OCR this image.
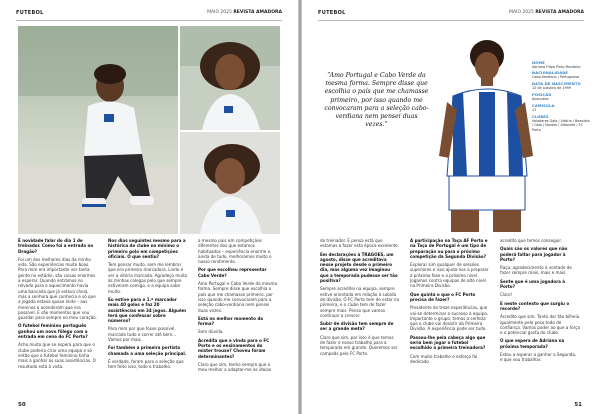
FUTEBOL	MAIO 2025 REVISTA AMADORA

É novidade falar do dia 1 de treinador. Como foi a entrada no Dragão?

Foi um dos melhores dias da minha vida. São experiências muito boas. Para mim era importante ver tanta gente no estádio, são coisas enormes a esperar. Quando entrámos no relvado para o aquecimento havia uma bancada que já estava cheia, mas a senhora que conhecia e só que a jogada estava quase lindo – aos meninos a acenderam que era possível. E são momentos que vou guardar para sempre no meu coração.

O futebol feminino português ganhou um novo fôlego com a entrada em cena do FC Porto?

Acho muito que se espera para que o clube poderia criar uma equipa e só então que o futebol feminino tinha mais a ganhar as suas assistências. O resultado está à vista.

Nos dias seguintes mesmo para a histórica do clube no mínimo o primeiro golo em competições oficiais. O que sentiu?

Tem pensar muito, sem me lembrar que era primeiro marcadora. Lindo é ver a vitória marcada. Agradeço muito às minhas colegas pelo que sempre estiveram comigo, e a equipa sabe muito.

Eu estive para o 1.º marcador mais 40 golos e faz 20 assistências em 34 jogos. Alguém terá que confessar sobre números?

Para mim por que fosse possível, marcado tudo e correr até bem... Vamos por mais.

Foi também a primeira portista chamada a uma seleção principal.

É verdade, foram para a seleção que tem feito isso, todo o trabalho.

a mesmo pais em competições diferentes dos que estamos habituados – experiência enorme e, ainda de tudo, melhoramos muito o nosso rendimento.

Por que escolheu representar Cabo Verde?

Amo Portugal e Cabo Verde da mesma forma. Sempre disse que escolhia o país que me chamasse primeiro, por isso quando me convocaram para a seleção cabo-verdiana nem pensei duas vezes.

Está no melhor momento da forma?

Sem dúvida.

Acredita que a vinda para o FC Porto e os ensinamentos do mister trouxe? Choveu foram determinantes?

Claro que sim, tenho sempre que a meu melhor a adaptar-me às ideias

50
FUTEBOL	MAIO 2025 REVISTA AMADORA
“Amo Portugal e Cabo Verde da mesma forma. Sempre disse que escolhia o país que me chamasse primeiro, por isso quando me convocaram para a seleção cabo-verdiana nem pensei duas vezes.”
NOME
Adriana Filipa Pinto Monteiro
NACIONALIDADE
Cabo-Verdiana / Portuguesa
DATA DE NASCIMENTO
12 de outubro de 1999
POSIÇÃO
Avançada
CAMISOLA
11
CLUBES
Valadares Gaia / Vitória / Boavista / Gaia / Nantes / Albacete / FC Porto

do treinador. E pensa está que estamos a fazer esta época excelente.

Em declarações à TRAGOES, um agosto, disse que acreditava nesse projeto desde o primeiro dia, mas alguma vez imaginou que a temporada pudesse ser tão positiva?

Sempre acreditei na equipa, sempre estive orientada em relação à subida de divisão. O FC Porto tem de estar na primeira, e o clube tem de fazer sempre mais. Penso que vamos continuar a crescer.

Subir de divisão tem sempre de ser a grande meta?

Claro que sim, por isso é que temos de fazer o nosso trabalho para a temporada em grande. Queremos ser campeãs pelo FC Porto.

A participação na Taça AF Porto e na Taça de Portugal é um tipo de preparação ou para o próximo competição da Segunda Divisão?

Explorar sim qualquer de sessões superiores e isso ajuda-nos a preparar a próxima fase e o próximo nível. Jogamos contra equipas de alto nível na Primeira Divisão.

Que quinta o que o FC Porto precisa de fazer?

Presidente de treze experiências, que vai-se determinar o sucesso à equipa. Importante o grupo, temos a certeza que o clube vai desistir da Primeira Divisão. A experiência pode ser tudo.

Passou-lhe pela cabeça algo que seria bem jogar o futebol escolhido a primeira treinadora?

Com muito trabalho e esforço foi dedicado

acredito que temos conseguir.

Quais são os valores que não poderá faltar para jogador à Porto?

Raça, agradecimento à vontade de fazer sempre mais, mais e mais.

Sente que é uma jogadora à Porto?

Claro!

E neste contexto que surgiu o recorde?

Acredito que sim. Tanto dar tão bilheia igualmente pelo peso todo de confiança. Vamos poder ao que a força e o potencial gosta do clube.

O que espera de Adriana na próxima temporada?

Estou a esperar a ganhar a Segunda, e que vou trabalhar.

51
